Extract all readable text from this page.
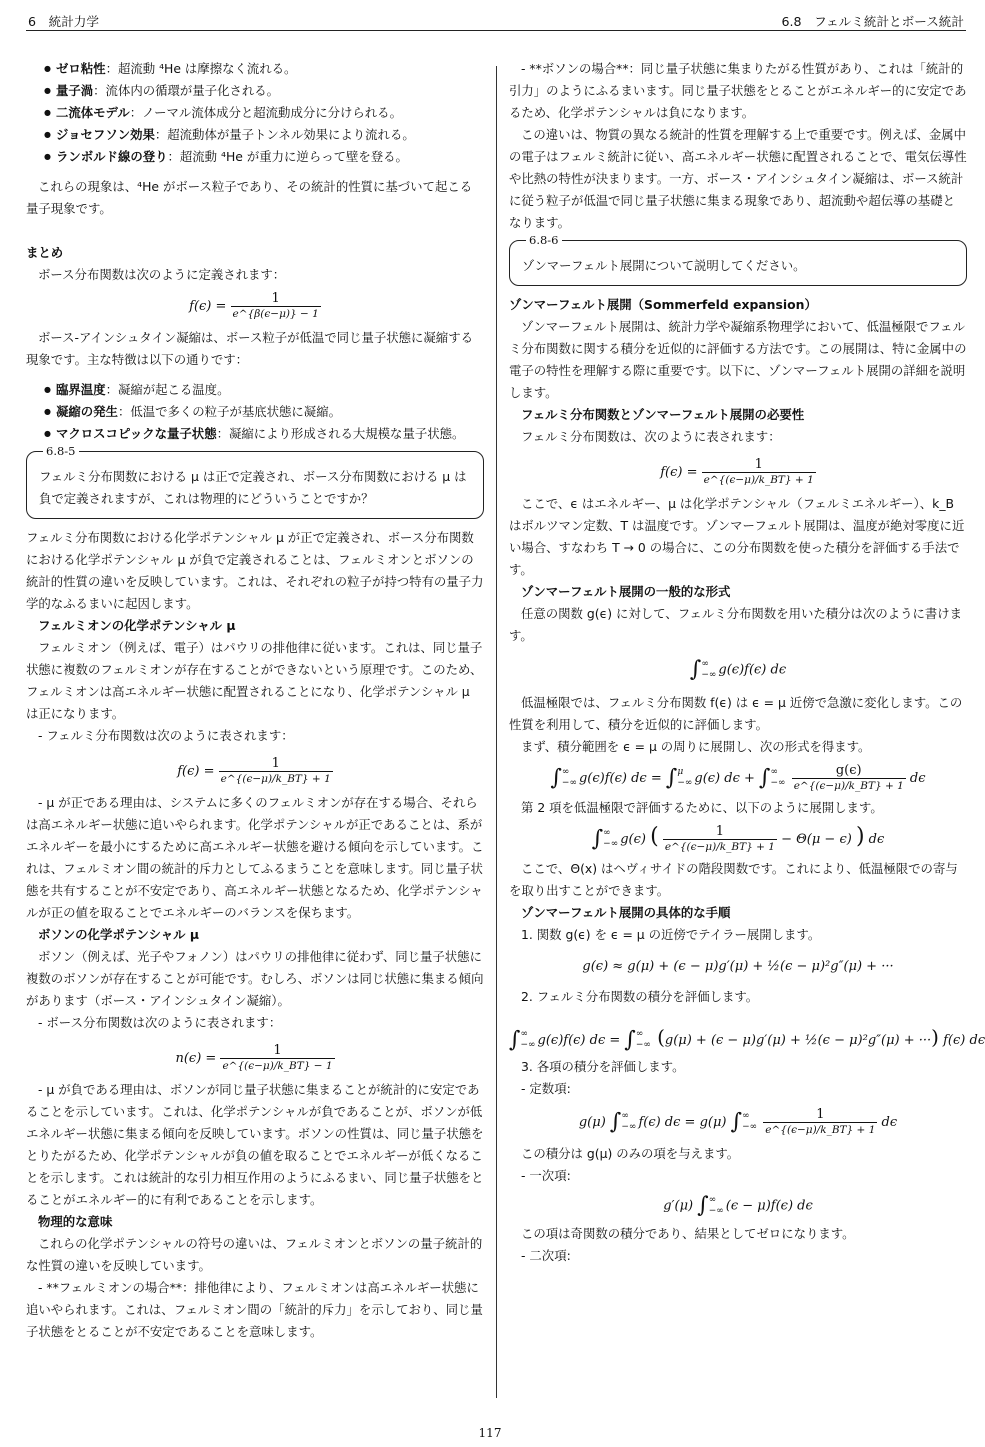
6　統計力学	6.8　フェルミ統計とボース統計
● ゼロ粘性：超流動 ⁴He は摩擦なく流れる。
● 量子渦：流体内の循環が量子化される。
● 二流体モデル：ノーマル流体成分と超流動成分に分けられる。
● ジョセフソン効果：超流動体が量子トンネル効果により流れる。
● ランボルド線の登り：超流動 ⁴He が重力に逆らって壁を登る。

これらの現象は、⁴He がボース粒子であり、その統計的性質に基づいて起こる量子現象です。

まとめ

ボース分布関数は次のように定義されます：

$f(\epsilon) = \frac{1}{e\^{}\{\beta(\epsilon-\mu)\} - 1}$

ボース-アインシュタイン凝縮は、ボース粒子が低温で同じ量子状態に凝縮する現象です。主な特徴は以下の通りです：

● 臨界温度：凝縮が起こる温度。
● 凝縮の発生：低温で多くの粒子が基底状態に凝縮。
● マクロスコピックな量子状態：凝縮により形成される大規模な量子状態。
6.8-5

フェルミ分布関数における μ は正で定義され、ボース分布関数における μ は負で定義されますが、これは物理的にどういうことですか？

フェルミ分布関数における化学ポテンシャル μ が正で定義され、ボース分布関数における化学ポテンシャル μ が負で定義されることは、フェルミオンとボソンの統計的性質の違いを反映しています。これは、それぞれの粒子が持つ特有の量子力学的なふるまいに起因します。

フェルミオンの化学ポテンシャル μ

フェルミオン（例えば、電子）はパウリの排他律に従います。これは、同じ量子状態に複数のフェルミオンが存在することができないという原理です。このため、フェルミオンは高エネルギー状態に配置されることになり、化学ポテンシャル μ は正になります。

- フェルミ分布関数は次のように表されます：

$f(\epsilon) = \frac{1}{e\^{}\{(\epsilon-\mu)/k\_BT\} + 1}$

- μ が正である理由は、システムに多くのフェルミオンが存在する場合、それらは高エネルギー状態に追いやられます。化学ポテンシャルが正であることは、系がエネルギーを最小にするために高エネルギー状態を避ける傾向を示しています。これは、フェルミオン間の統計的斥力としてふるまうことを意味します。同じ量子状態を共有することが不安定であり、高エネルギー状態となるため、化学ポテンシャルが正の値を取ることでエネルギーのバランスを保ちます。

ボソンの化学ポテンシャル μ

ボソン（例えば、光子やフォノン）はパウリの排他律に従わず、同じ量子状態に複数のボソンが存在することが可能です。むしろ、ボソンは同じ状態に集まる傾向があります（ボース・アインシュタイン凝縮）。

- ボース分布関数は次のように表されます：

$n(\epsilon) = \frac{1}{e\^{}\{(\epsilon-\mu)/k\_BT\} - 1}$

- μ が負である理由は、ボソンが同じ量子状態に集まることが統計的に安定であることを示しています。これは、化学ポテンシャルが負であることが、ボソンが低エネルギー状態に集まる傾向を反映しています。ボソンの性質は、同じ量子状態をとりたがるため、化学ポテンシャルが負の値を取ることでエネルギーが低くなることを示します。これは統計的な引力相互作用のようにふるまい、同じ量子状態をとることがエネルギー的に有利であることを示します。

物理的な意味

これらの化学ポテンシャルの符号の違いは、フェルミオンとボソンの量子統計的な性質の違いを反映しています。

- **フェルミオンの場合**：排他律により、フェルミオンは高エネルギー状態に追いやられます。これは、フェルミオン間の「統計的斥力」を示しており、同じ量子状態をとることが不安定であることを意味します。

- **ボソンの場合**：同じ量子状態に集まりたがる性質があり、これは「統計的引力」のようにふるまいます。同じ量子状態をとることがエネルギー的に安定であるため、化学ポテンシャルは負になります。

この違いは、物質の異なる統計的性質を理解する上で重要です。例えば、金属中の電子はフェルミ統計に従い、高エネルギー状態に配置されることで、電気伝導性や比熱の特性が決まります。一方、ボース・アインシュタイン凝縮は、ボース統計に従う粒子が低温で同じ量子状態に集まる現象であり、超流動や超伝導の基礎となります。

6.8-6

ゾンマーフェルト展開について説明してください。

ゾンマーフェルト展開（Sommerfeld expansion）

ゾンマーフェルト展開は、統計力学や凝縮系物理学において、低温極限でフェルミ分布関数に関する積分を近似的に評価する方法です。この展開は、特に金属中の電子の特性を理解する際に重要です。以下に、ゾンマーフェルト展開の詳細を説明します。

フェルミ分布関数とゾンマーフェルト展開の必要性

フェルミ分布関数は、次のように表されます：

$f(\epsilon) = \frac{1}{e\^{}\{(\epsilon-\mu)/k\_BT\} + 1}$

ここで、ϵ はエネルギー、μ は化学ポテンシャル（フェルミエネルギー）、k_B はボルツマン定数、T は温度です。ゾンマーフェルト展開は、温度が絶対零度に近い場合、すなわち T → 0 の場合に、この分布関数を使った積分を評価する手法です。

ゾンマーフェルト展開の一般的な形式

任意の関数 g(ϵ) に対して、フェルミ分布関数を用いた積分は次のように書けます。

∫∞
−∞ g(ϵ)f(ϵ) dϵ

低温極限では、フェルミ分布関数 f(ϵ) は ϵ = μ 近傍で急激に変化します。この性質を利用して、積分を近似的に評価します。

まず、積分範囲を ϵ = μ の周りに展開し、次の形式を得ます。

∫∞
−∞ g(ϵ)f(ϵ) dϵ = ∫μ
−∞ g(ϵ) dϵ + ∫∞
−∞ $\frac{g(\epsilon)}{e\^{}\{(\epsilon-\mu)/k\_BT\} + 1}$ dϵ

第 2 項を低温極限で評価するために、以下のように展開します。

∫∞
−∞ g(ϵ) ( $\frac{1}{e\^{}\{(\epsilon-\mu)/k\_BT\} + 1} - \Theta(\mu - \epsilon)$ ) dϵ

ここで、Θ(x) はヘヴィサイドの階段関数です。これにより、低温極限での寄与を取り出すことができます。

ゾンマーフェルト展開の具体的な手順

1. 関数 g(ϵ) を ϵ = μ の近傍でテイラー展開します。

g(ϵ) ≈ g(μ) + (ϵ − μ)g′(μ) + ½(ϵ − μ)²g″(μ) + ···

2. フェルミ分布関数の積分を評価します。

∫∞
−∞ g(ϵ)f(ϵ) dϵ = ∫∞
−∞ (g(μ) + (ϵ − μ)g′(μ) + ½(ϵ − μ)²g″(μ) + ···) f(ϵ) dϵ

3. 各項の積分を評価します。

- 定数項:

g(μ) ∫∞
−∞ f(ϵ) dϵ = g(μ) ∫∞
−∞ $\frac{1}{e\^{}\{(\epsilon-\mu)/k\_BT\} + 1}$ dϵ

この積分は g(μ) のみの項を与えます。

- 一次項:

g′(μ) ∫∞
−∞ (ϵ − μ)f(ϵ) dϵ

この項は奇関数の積分であり、結果としてゼロになります。

- 二次項:

117
